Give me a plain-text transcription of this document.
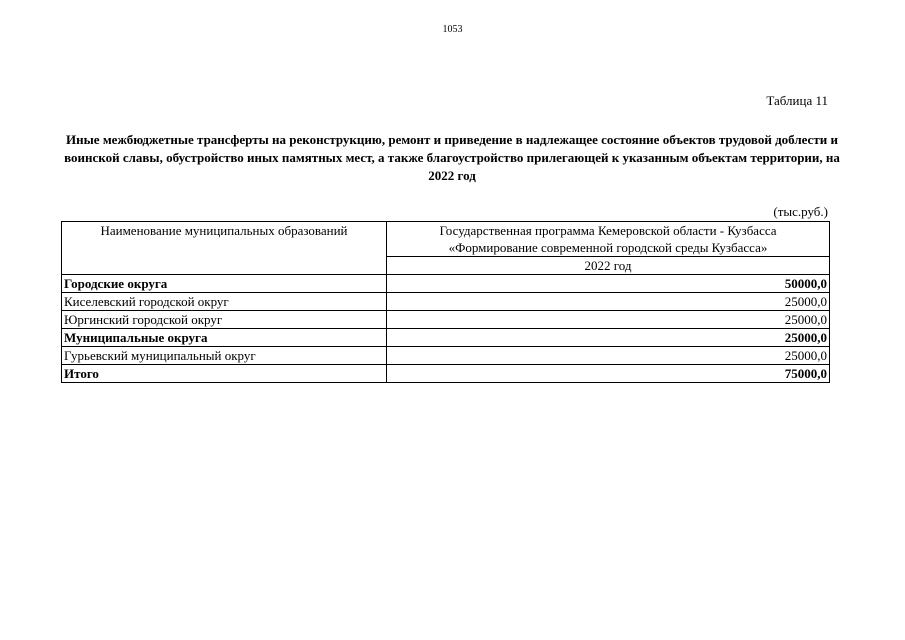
1053
Таблица 11
Иные межбюджетные трансферты на реконструкцию, ремонт и приведение в надлежащее состояние объектов трудовой доблести и воинской славы, обустройство иных памятных мест, а также благоустройство прилегающей к указанным объектам территории, на 2022 год
(тыс.руб.)
Наименование муниципальных образований	Государственная программа Кемеровской области - Кузбасса
«Формирование современной городской среды Кузбасса»

	2022 год
Городские округа	50000,0
Киселевский городской округ	25000,0
Юргинский городской округ	25000,0
Муниципальные округа	25000,0
Гурьевский муниципальный округ	25000,0
Итого	75000,0
